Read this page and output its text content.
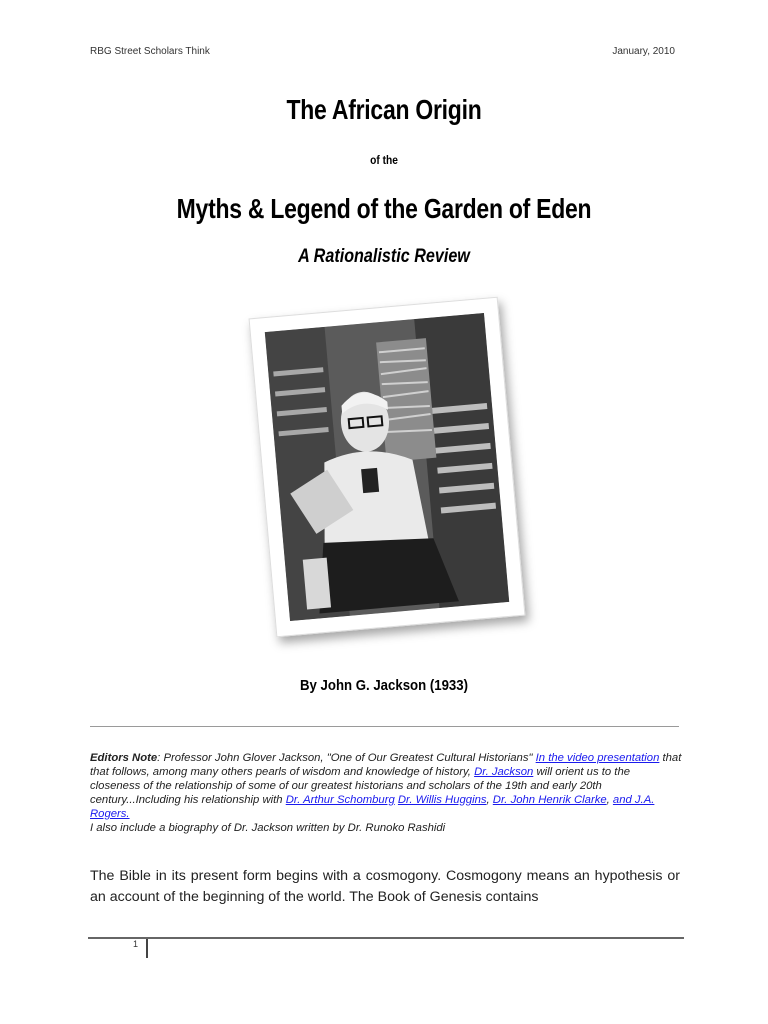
RBG Street Scholars Think	January, 2010
The African Origin
of the
Myths & Legend of the Garden of Eden
A Rationalistic Review
By John G. Jackson (1933)
Editors Note: Professor John Glover Jackson, "One of Our Greatest Cultural Historians" In the video presentation that that follows, among many others pearls of wisdom and knowledge of history, Dr. Jackson will orient us to the closeness of the relationship of some of our greatest historians and scholars of the 19th and early 20th century...Including his relationship with Dr. Arthur Schomburg Dr. Willis Huggins, Dr. John Henrik Clarke, and J.A. Rogers.
I also include a biography of Dr. Jackson written by Dr. Runoko Rashidi
The Bible in its present form begins with a cosmogony. Cosmogony means an hypothesis or an account of the beginning of the world. The Book of Genesis contains
1
